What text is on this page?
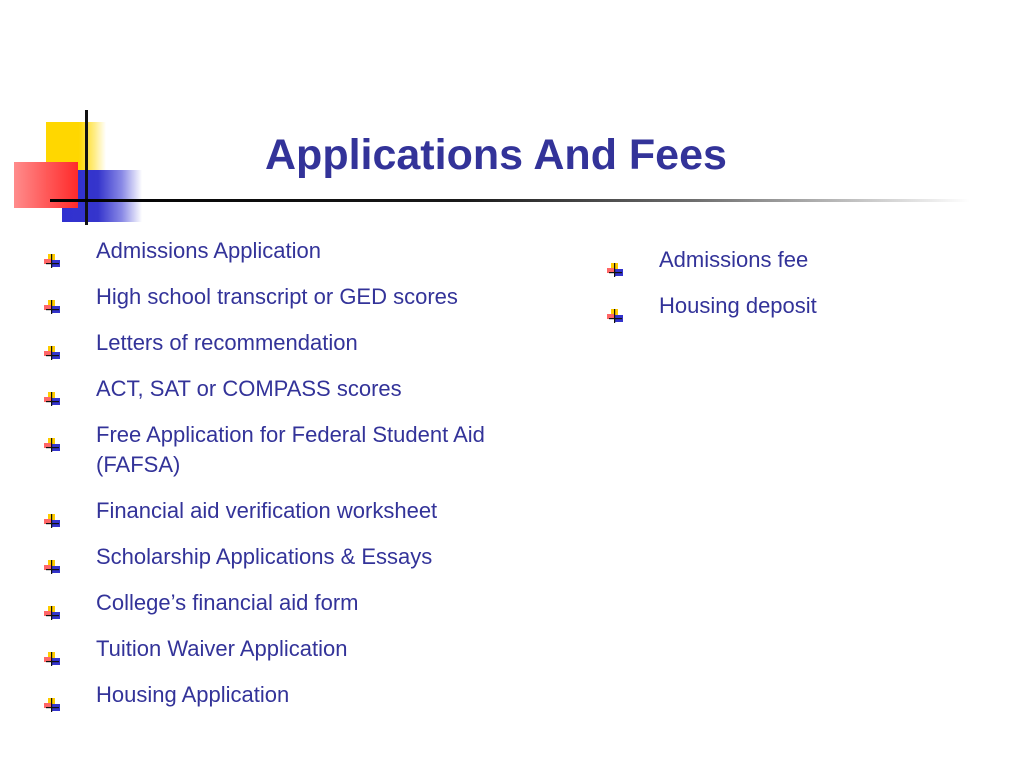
Applications And Fees
Admissions Application
High school transcript or GED scores
Letters of recommendation
ACT, SAT or COMPASS scores
Free Application for Federal Student Aid (FAFSA)
Financial aid verification worksheet
Scholarship Applications & Essays
College’s financial aid form
Tuition Waiver Application
Housing Application
Admissions fee
Housing deposit
